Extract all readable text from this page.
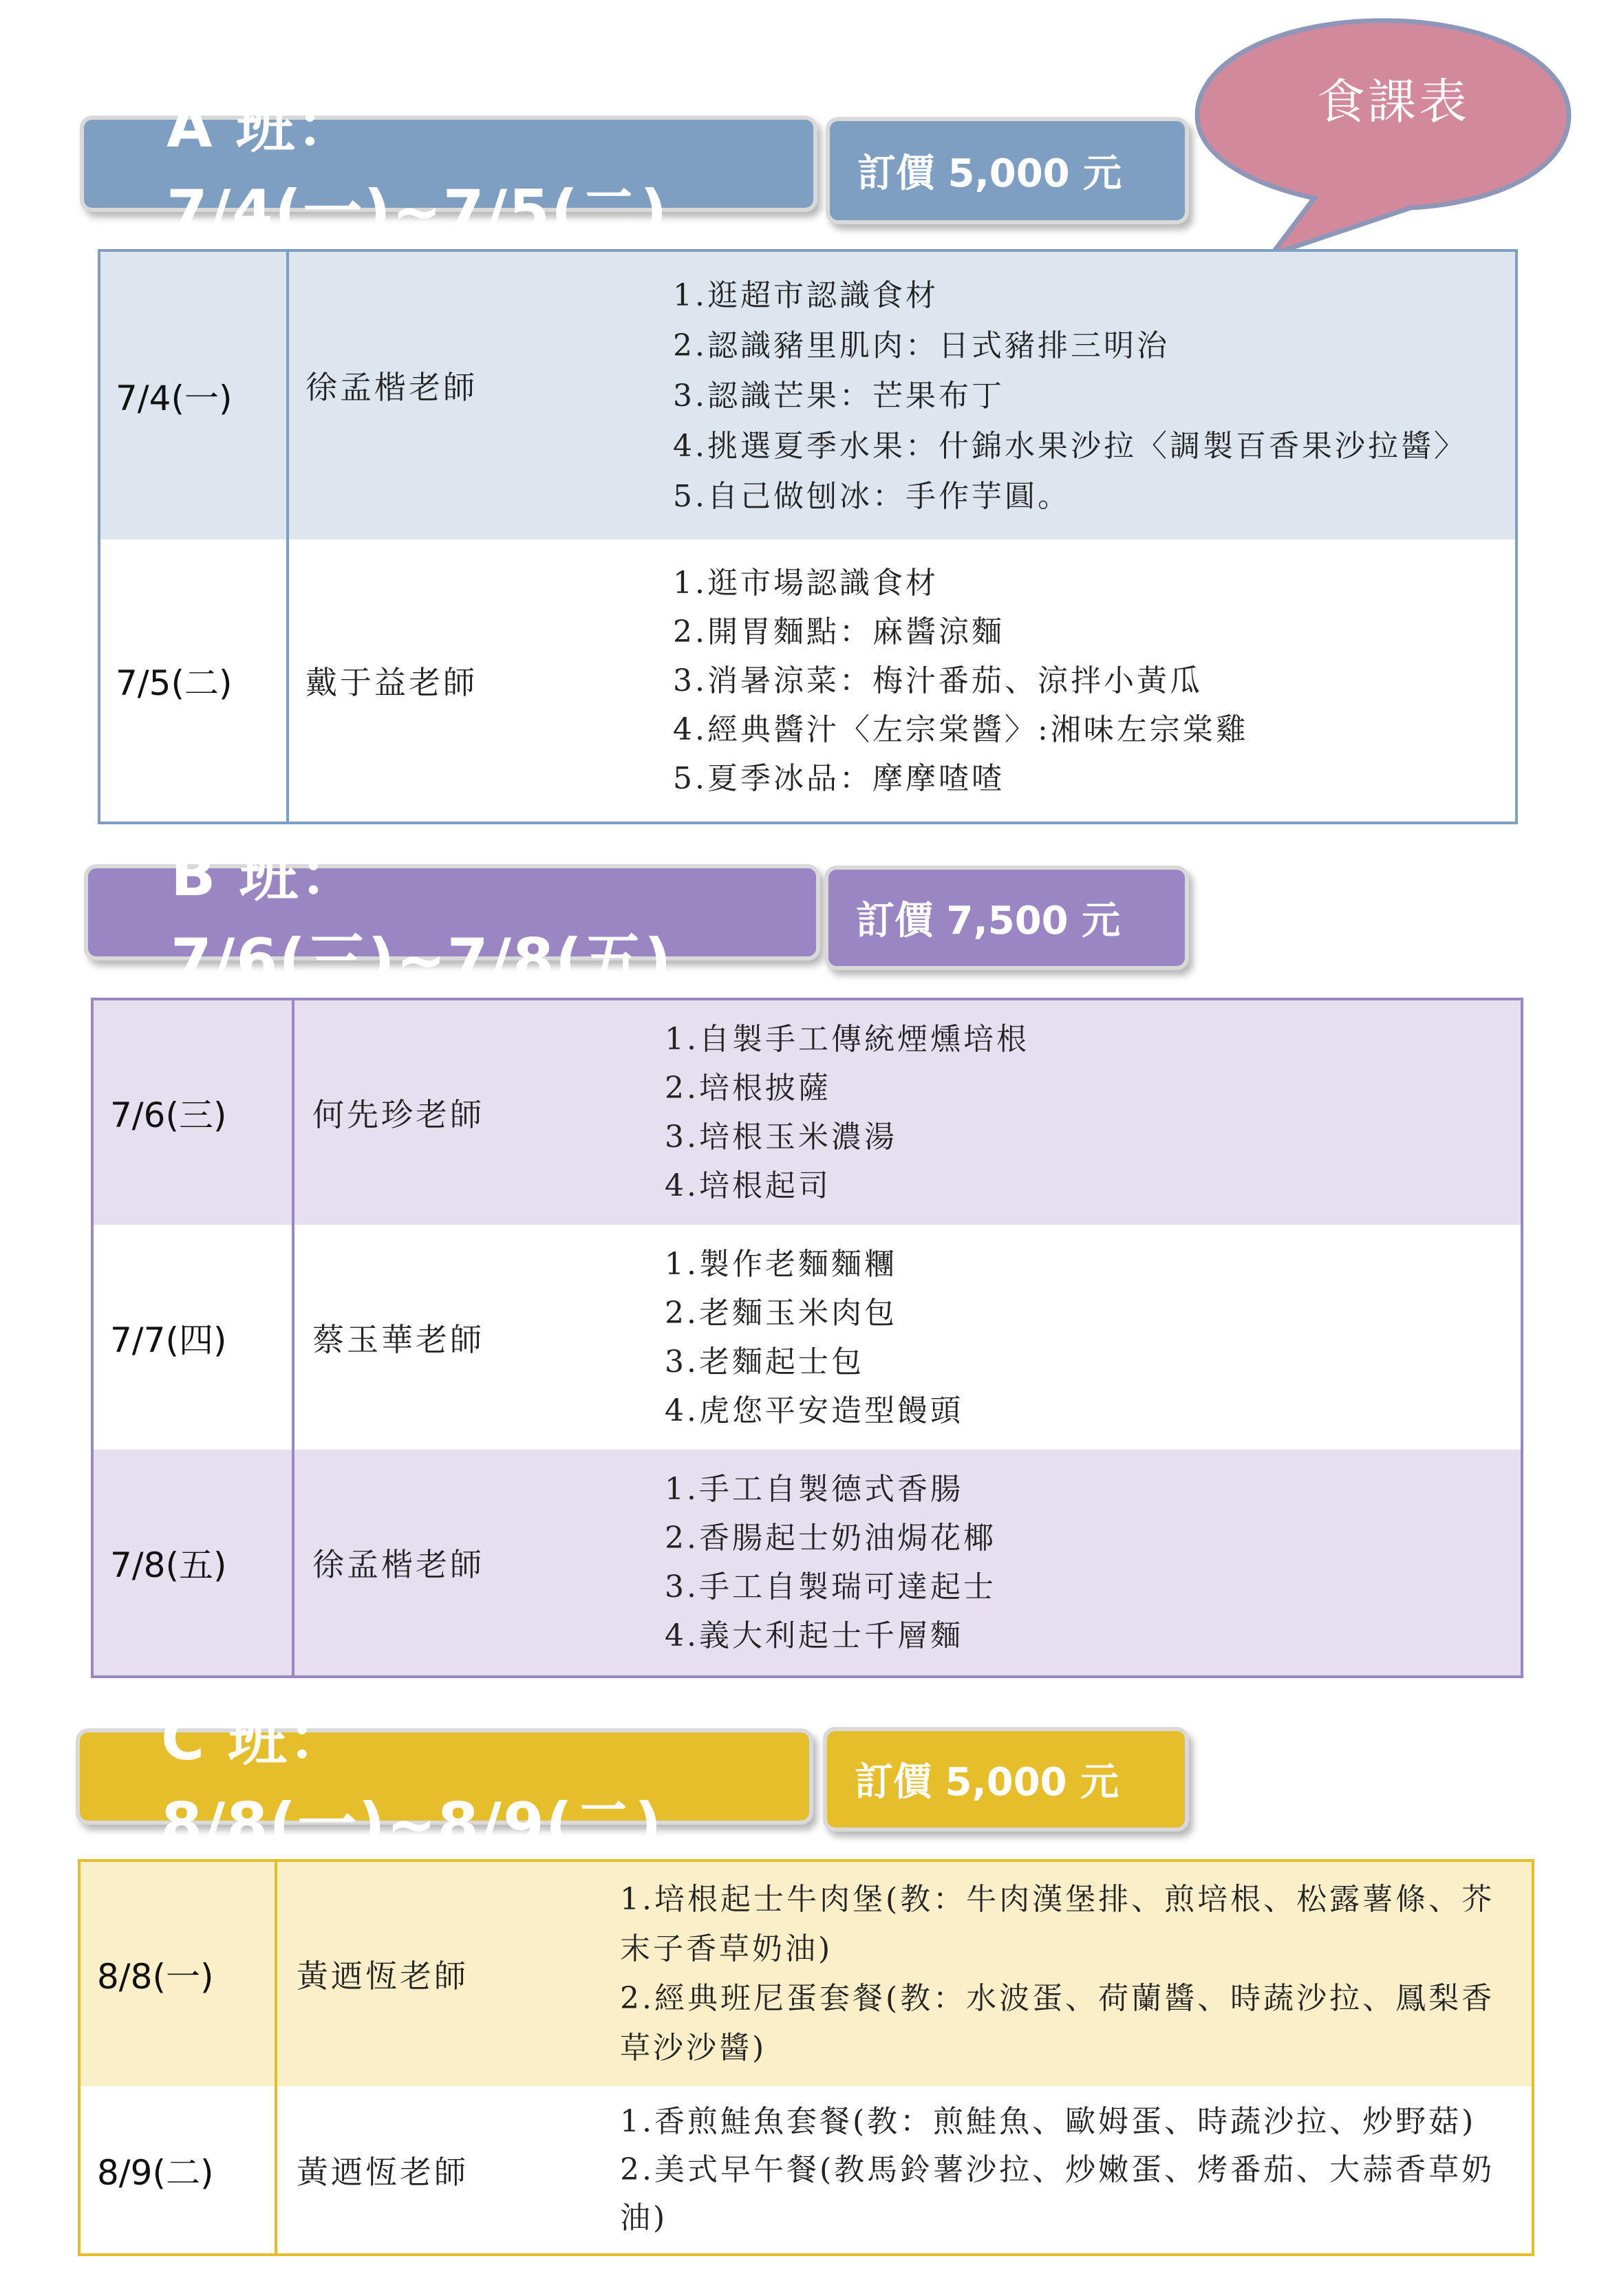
食課表
A 班：7/4(一)~7/5(二)
訂價 5,000 元
7/4(一)	徐孟楷老師	1.逛超市認識食材
2.認識豬里肌肉：日式豬排三明治
3.認識芒果：芒果布丁
4.挑選夏季水果：什錦水果沙拉〈調製百香果沙拉醬〉
5.自己做刨冰：手作芋圓。

7/5(二)	戴于益老師	1.逛市場認識食材
2.開胃麵點：麻醬涼麵
3.消暑涼菜：梅汁番茄、涼拌小黃瓜
4.經典醬汁〈左宗棠醬〉:湘味左宗棠雞
5.夏季冰品：摩摩喳喳
B 班： 7/6(三)~7/8(五)
訂價 7,500 元
7/6(三)	何先珍老師	1.自製手工傳統煙燻培根
2.培根披薩
3.培根玉米濃湯
4.培根起司

7/7(四)	蔡玉華老師	1.製作老麵麵糰
2.老麵玉米肉包
3.老麵起士包
4.虎您平安造型饅頭

7/8(五)	徐孟楷老師	1.手工自製德式香腸
2.香腸起士奶油焗花椰
3.手工自製瑞可達起士
4.義大利起士千層麵
C 班：8/8(一)~8/9(二)
訂價 5,000 元
8/8(一)	黃迺恆老師	1.培根起士牛肉堡(教：牛肉漢堡排、煎培根、松露薯條、芥末子香草奶油)
2.經典班尼蛋套餐(教：水波蛋、荷蘭醬、時蔬沙拉、鳳梨香草沙沙醬)

8/9(二)	黃迺恆老師	1.香煎鮭魚套餐(教：煎鮭魚、歐姆蛋、時蔬沙拉、炒野菇)
2.美式早午餐(教馬鈴薯沙拉、炒嫩蛋、烤番茄、大蒜香草奶油)
